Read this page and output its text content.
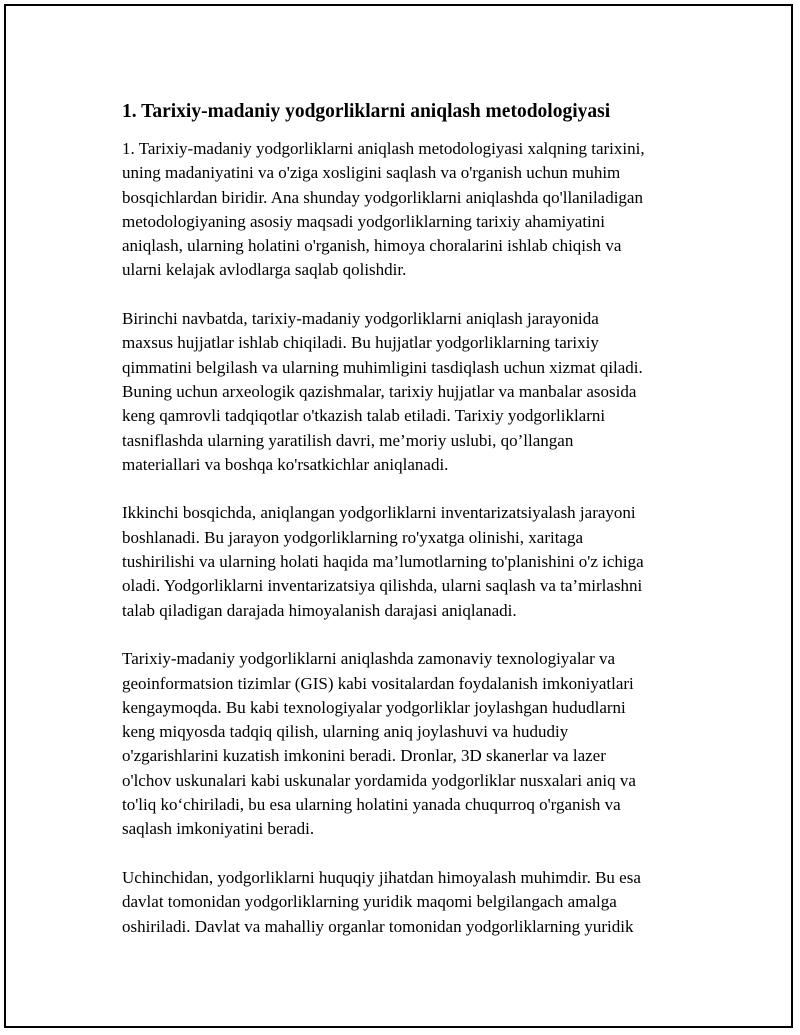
1. Tarixiy-madaniy yodgorliklarni aniqlash metodologiyasi

1. Tarixiy-madaniy yodgorliklarni aniqlash metodologiyasi xalqning tarixini,
uning madaniyatini va o'ziga xosligini saqlash va o'rganish uchun muhim
bosqichlardan biridir. Ana shunday yodgorliklarni aniqlashda qo'llaniladigan
metodologiyaning asosiy maqsadi yodgorliklarning tarixiy ahamiyatini
aniqlash, ularning holatini o'rganish, himoya choralarini ishlab chiqish va
ularni kelajak avlodlarga saqlab qolishdir.

Birinchi navbatda, tarixiy-madaniy yodgorliklarni aniqlash jarayonida
maxsus hujjatlar ishlab chiqiladi. Bu hujjatlar yodgorliklarning tarixiy
qimmatini belgilash va ularning muhimligini tasdiqlash uchun xizmat qiladi.
Buning uchun arxeologik qazishmalar, tarixiy hujjatlar va manbalar asosida
keng qamrovli tadqiqotlar o'tkazish talab etiladi. Tarixiy yodgorliklarni
tasniflashda ularning yaratilish davri, me’moriy uslubi, qo’llangan
materiallari va boshqa ko'rsatkichlar aniqlanadi.

Ikkinchi bosqichda, aniqlangan yodgorliklarni inventarizatsiyalash jarayoni
boshlanadi. Bu jarayon yodgorliklarning ro'yxatga olinishi, xaritaga
tushirilishi va ularning holati haqida ma’lumotlarning to'planishini o'z ichiga
oladi. Yodgorliklarni inventarizatsiya qilishda, ularni saqlash va ta’mirlashni
talab qiladigan darajada himoyalanish darajasi aniqlanadi.

Tarixiy-madaniy yodgorliklarni aniqlashda zamonaviy texnologiyalar va
geoinformatsion tizimlar (GIS) kabi vositalardan foydalanish imkoniyatlari
kengaymoqda. Bu kabi texnologiyalar yodgorliklar joylashgan hududlarni
keng miqyosda tadqiq qilish, ularning aniq joylashuvi va hududiy
o'zgarishlarini kuzatish imkonini beradi. Dronlar, 3D skanerlar va lazer
o'lchov uskunalari kabi uskunalar yordamida yodgorliklar nusxalari aniq va
to'liq ko‘chiriladi, bu esa ularning holatini yanada chuqurroq o'rganish va
saqlash imkoniyatini beradi.

Uchinchidan, yodgorliklarni huquqiy jihatdan himoyalash muhimdir. Bu esa
davlat tomonidan yodgorliklarning yuridik maqomi belgilangach amalga
oshiriladi. Davlat va mahalliy organlar tomonidan yodgorliklarning yuridik
